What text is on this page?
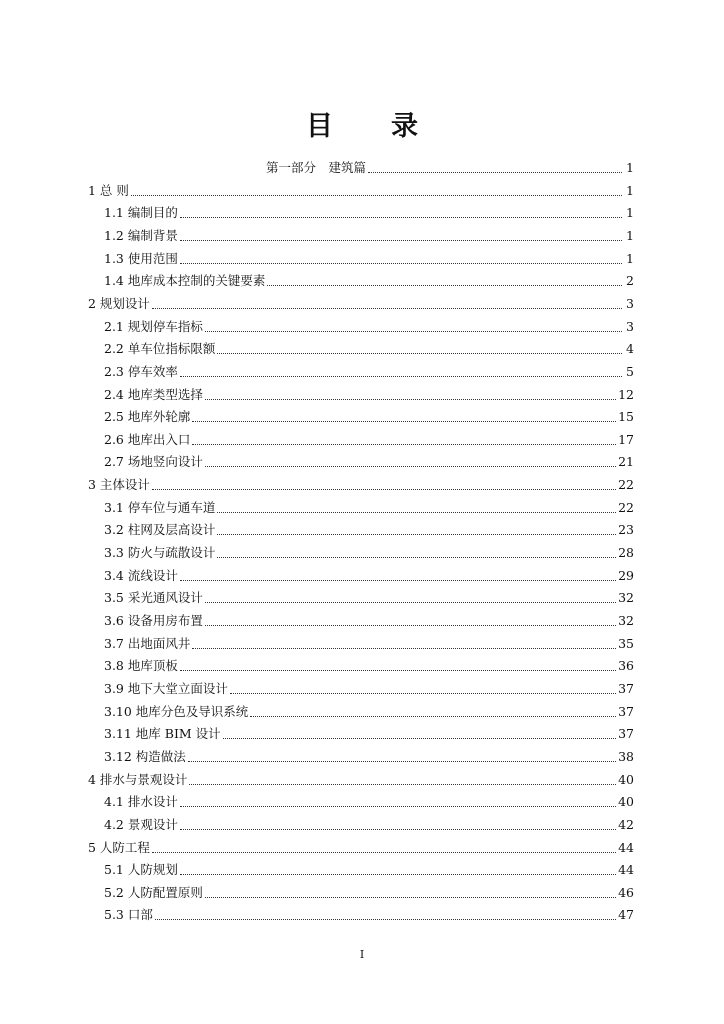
目 录
第一部分　建筑篇	1
1 总 则	1
1.1 编制目的	1
1.2 编制背景	1
1.3 使用范围	1
1.4 地库成本控制的关键要素	2
2 规划设计	3
2.1 规划停车指标	3
2.2 单车位指标限额	4
2.3 停车效率	5
2.4 地库类型选择	12
2.5 地库外轮廓	15
2.6 地库出入口	17
2.7 场地竖向设计	21
3 主体设计	22
3.1 停车位与通车道	22
3.2 柱网及层高设计	23
3.3 防火与疏散设计	28
3.4 流线设计	29
3.5 采光通风设计	32
3.6 设备用房布置	32
3.7 出地面风井	35
3.8 地库顶板	36
3.9 地下大堂立面设计	37
3.10 地库分色及导识系统	37
3.11 地库 BIM 设计	37
3.12 构造做法	38
4 排水与景观设计	40
4.1 排水设计	40
4.2 景观设计	42
5 人防工程	44
5.1 人防规划	44
5.2 人防配置原则	46
5.3 口部	47
I
